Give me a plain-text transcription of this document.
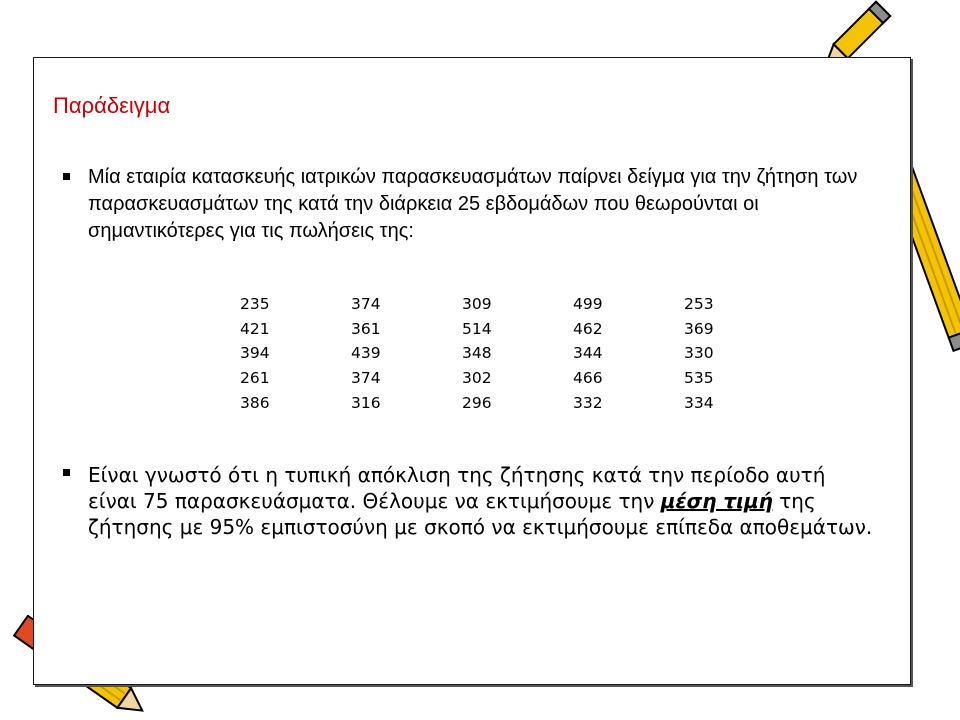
Παράδειγμα
Μία εταιρία κατασκευής ιατρικών παρασκευασμάτων παίρνει δείγμα για την ζήτηση των παρασκευασμάτων της κατά την διάρκεια 25 εβδομάδων που θεωρούνται οι σημαντικότερες για τις πωλήσεις της:
235	374	309	499	253
421	361	514	462	369
394	439	348	344	330
261	374	302	466	535
386	316	296	332	334
Είναι γνωστό ότι η τυπική απόκλιση της ζήτησης κατά την περίοδο αυτή είναι 75 παρασκευάσματα. Θέλουμε να εκτιμήσουμε την μέση τιμή της ζήτησης με 95% εμπιστοσύνη με σκοπό να εκτιμήσουμε επίπεδα αποθεμάτων.
